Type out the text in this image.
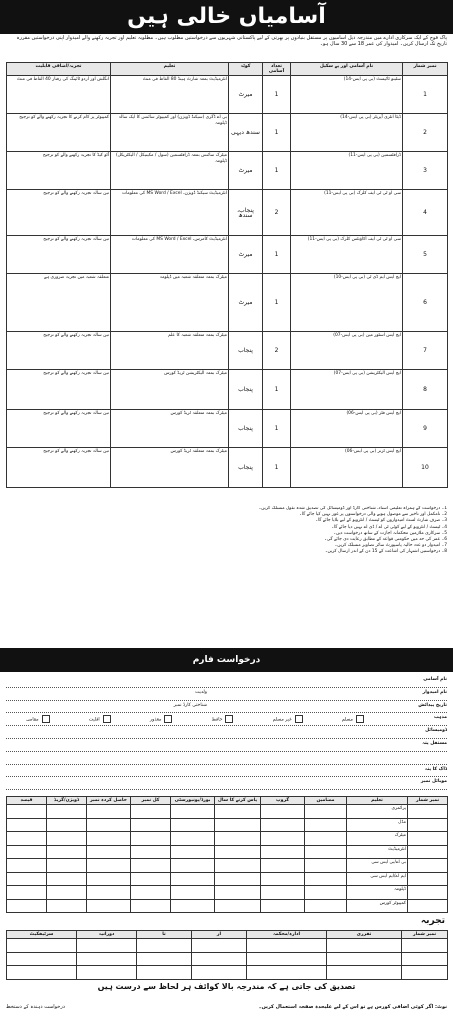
آسامیاں خالی ہیں
پاک فوج کے ایک سرکاری ادارے میں مندرجہ ذیل آسامیوں پر مستقل بنیادوں پر بھرتی کے لیے پاکستانی شہریوں سے درخواستیں مطلوب ہیں۔ مطلوبہ تعلیم اور تجربہ رکھنے والے امیدوار اپنی درخواستیں مقررہ تاریخ تک ارسال کریں۔ امیدوار کی عمر 18 سے 30 سال ہو۔
تجربہ/اضافی قابلیت	تعلیم	کوٹہ	تعداد آسامی	نام آسامی اور پے سکیل	نمبر شمار
انگلش اور اردو ٹائپنگ کی رفتار 40 الفاظ فی منٹ	انٹرمیڈیٹ بمعہ شارٹ ہینڈ 80 الفاظ فی منٹ	میرٹ	1	سٹینو ٹائپسٹ (بی پی ایس-14)	1
کمپیوٹر پر کام کرنے کا تجربہ رکھنے والے کو ترجیح	بی اے ڈگری (سیکنڈ ڈویژن) اور کمپیوٹر سائنس کا ایک سالہ ڈپلومہ	سندھ دیہی	1	ڈیٹا انٹری آپریٹر (بی پی ایس-14)	2
آٹو کیڈ کا تجربہ رکھنے والے کو ترجیح	میٹرک سائنس بمعہ ڈرافٹسمین (سول / مکینیکل / الیکٹریکل) ڈپلومہ	میرٹ	1	ڈرافٹسمین (بی پی ایس-11)	3
تین سالہ تجربہ رکھنے والے کو ترجیح	انٹرمیڈیٹ سیکنڈ ڈویژن، MS Word / Excel کی معلومات	پنجاب، سندھ	2	سی او ٹی ٹی ایف کلرک (بی پی ایس-11)	4
تین سالہ تجربہ رکھنے والے کو ترجیح	انٹرمیڈیٹ کامرس، MS Word / Excel کی معلومات	میرٹ	1	سی او ٹی ٹی ایف اکاؤنٹس کلرک (بی پی ایس-11)	5
متعلقہ شعبہ میں تجربہ ضروری ہے	میٹرک بمعہ متعلقہ شعبہ میں ڈپلومہ	میرٹ	1	ایچ ایس ایم ڈی ٹی (بی پی ایس-10)	6
تین سالہ تجربہ رکھنے والے کو ترجیح	میٹرک بمعہ متعلقہ شعبہ کا علم	پنجاب	2	ایچ ایس اسٹور مین (بی پی ایس-07)	7
تین سالہ تجربہ رکھنے والے کو ترجیح	میٹرک بمعہ الیکٹریشن ٹریڈ کورس	پنجاب	1	ایچ ایس الیکٹریشن (بی پی ایس-07)	8
تین سالہ تجربہ رکھنے والے کو ترجیح	میٹرک بمعہ متعلقہ ٹریڈ کورس	پنجاب	1	ایچ ایس فٹر (بی پی ایس-06)	9
تین سالہ تجربہ رکھنے والے کو ترجیح	میٹرک بمعہ متعلقہ ٹریڈ کورس	پنجاب	1	ایچ ایس ٹرنر (بی پی ایس-06)	10

1۔ درخواست کے ہمراہ تعلیمی اسناد، شناختی کارڈ اور ڈومیسائل کی تصدیق شدہ نقول منسلک کریں۔

2۔ نامکمل اور تاخیر سے موصول ہونے والی درخواستوں پر غور نہیں کیا جائے گا۔

3۔ صرف شارٹ لسٹ امیدواروں کو ٹیسٹ / انٹرویو کے لیے بلایا جائے گا۔

4۔ ٹیسٹ / انٹرویو کے لیے کوئی ٹی اے / ڈی اے نہیں دیا جائے گا۔

5۔ سرکاری ملازمین محکمانہ اجازت کے ساتھ درخواست دیں۔

6۔ عمر کی حد میں حکومتی قواعد کے مطابق رعایت دی جائے گی۔

7۔ امیدوار دو عدد حالیہ پاسپورٹ سائز تصاویر منسلک کریں۔

8۔ درخواستیں اشتہار کی اشاعت کے 15 دن کے اندر ارسال کریں۔

درخواست فارم
نام آسامی
نام امیدوار
ولدیت
تاریخ پیدائش
شناختی کارڈ نمبر
مذہب
مسلم
غیر مسلم
حافظ
معذور
اقلیت
مقامی
ڈومیسائل
مستقل پتہ
ڈاک کا پتہ
موبائل نمبر
فیصد	ڈویژن/گریڈ	حاصل کردہ نمبر	کل نمبر	بورڈ/یونیورسٹی	پاس کرنے کا سال	گروپ	مضامین	تعلیم	نمبر شمار
								پرائمری	
								مڈل	
								میٹرک	
								انٹرمیڈیٹ	
								بی اے/بی ایس سی	
								ایم اے/ایم ایس سی	
								ڈپلومہ	
								کمپیوٹر کورس	
تجربہ
سرٹیفکیٹ	دورانیہ	تا	از	ادارہ/محکمہ	تقرری	نمبر شمار

تصدیق کی جاتی ہے کہ مندرجہ بالا کوائف ہر لحاظ سے درست ہیں
نوٹ: اگر کوئی اضافی کورس ہے تو اس کے لیے علیحدہ صفحہ استعمال کریں۔
درخواست دہندہ کے دستخط
